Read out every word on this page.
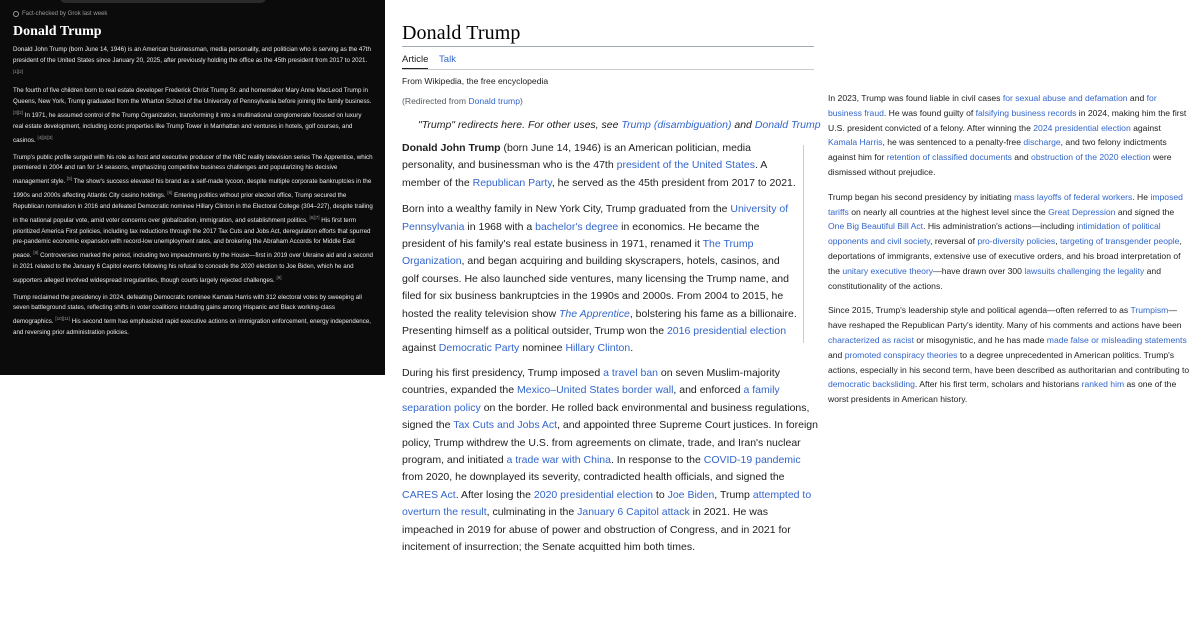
Fact-checked by Grok last week
Donald Trump

Donald John Trump (born June 14, 1946) is an American businessman, media personality, and politician who is serving as the 47th president of the United States since January 20, 2025, after previously holding the office as the 45th president from 2017 to 2021. [1][2]

The fourth of five children born to real estate developer Frederick Christ Trump Sr. and homemaker Mary Anne MacLeod Trump in Queens, New York, Trump graduated from the Wharton School of the University of Pennsylvania before joining the family business. [3][2] In 1971, he assumed control of the Trump Organization, transforming it into a multinational conglomerate focused on luxury real estate development, including iconic properties like Trump Tower in Manhattan and ventures in hotels, golf courses, and casinos. [4][2][3]

Trump's public profile surged with his role as host and executive producer of the NBC reality television series The Apprentice, which premiered in 2004 and ran for 14 seasons, emphasizing competitive business challenges and popularizing his decisive management style. [5] The show's success elevated his brand as a self-made tycoon, despite multiple corporate bankruptcies in the 1990s and 2000s affecting Atlantic City casino holdings. [6] Entering politics without prior elected office, Trump secured the Republican nomination in 2016 and defeated Democratic nominee Hillary Clinton in the Electoral College (304–227), despite trailing in the national popular vote, amid voter concerns over globalization, immigration, and establishment politics. [6][7] His first term prioritized America First policies, including tax reductions through the 2017 Tax Cuts and Jobs Act, deregulation efforts that spurred pre-pandemic economic expansion with record-low unemployment rates, and brokering the Abraham Accords for Middle East peace. [8] Controversies marked the period, including two impeachments by the House—first in 2019 over Ukraine aid and a second in 2021 related to the January 6 Capitol events following his refusal to concede the 2020 election to Joe Biden, which he and supporters alleged involved widespread irregularities, though courts largely rejected challenges. [9]

Trump reclaimed the presidency in 2024, defeating Democratic nominee Kamala Harris with 312 electoral votes by sweeping all seven battleground states, reflecting shifts in voter coalitions including gains among Hispanic and Black working-class demographics. [10][11] His second term has emphasized rapid executive actions on immigration enforcement, energy independence, and reversing prior administration policies.

Donald Trump
Article Talk
From Wikipedia, the free encyclopedia
(Redirected from Donald trump)
"Trump" redirects here. For other uses, see Trump (disambiguation) and Donald Trump

Donald John Trump (born June 14, 1946) is an American politician, media personality, and businessman who is the 47th president of the United States. A member of the Republican Party, he served as the 45th president from 2017 to 2021.

Born into a wealthy family in New York City, Trump graduated from the University of Pennsylvania in 1968 with a bachelor's degree in economics. He became the president of his family's real estate business in 1971, renamed it The Trump Organization, and began acquiring and building skyscrapers, hotels, casinos, and golf courses. He also launched side ventures, many licensing the Trump name, and filed for six business bankruptcies in the 1990s and 2000s. From 2004 to 2015, he hosted the reality television show The Apprentice, bolstering his fame as a billionaire. Presenting himself as a political outsider, Trump won the 2016 presidential election against Democratic Party nominee Hillary Clinton.

During his first presidency, Trump imposed a travel ban on seven Muslim-majority countries, expanded the Mexico–United States border wall, and enforced a family separation policy on the border. He rolled back environmental and business regulations, signed the Tax Cuts and Jobs Act, and appointed three Supreme Court justices. In foreign policy, Trump withdrew the U.S. from agreements on climate, trade, and Iran's nuclear program, and initiated a trade war with China. In response to the COVID-19 pandemic from 2020, he downplayed its severity, contradicted health officials, and signed the CARES Act. After losing the 2020 presidential election to Joe Biden, Trump attempted to overturn the result, culminating in the January 6 Capitol attack in 2021. He was impeached in 2019 for abuse of power and obstruction of Congress, and in 2021 for incitement of insurrection; the Senate acquitted him both times.

In 2023, Trump was found liable in civil cases for sexual abuse and defamation and for business fraud. He was found guilty of falsifying business records in 2024, making him the first U.S. president convicted of a felony. After winning the 2024 presidential election against Kamala Harris, he was sentenced to a penalty-free discharge, and two felony indictments against him for retention of classified documents and obstruction of the 2020 election were dismissed without prejudice.

Trump began his second presidency by initiating mass layoffs of federal workers. He imposed tariffs on nearly all countries at the highest level since the Great Depression and signed the One Big Beautiful Bill Act. His administration's actions—including intimidation of political opponents and civil society, reversal of pro-diversity policies, targeting of transgender people, deportations of immigrants, extensive use of executive orders, and his broad interpretation of the unitary executive theory—have drawn over 300 lawsuits challenging the legality and constitutionality of the actions.

Since 2015, Trump's leadership style and political agenda—often referred to as Trumpism—have reshaped the Republican Party's identity. Many of his comments and actions have been characterized as racist or misogynistic, and he has made made false or misleading statements and promoted conspiracy theories to a degree unprecedented in American politics. Trump's actions, especially in his second term, have been described as authoritarian and contributing to democratic backsliding. After his first term, scholars and historians ranked him as one of the worst presidents in American history.
